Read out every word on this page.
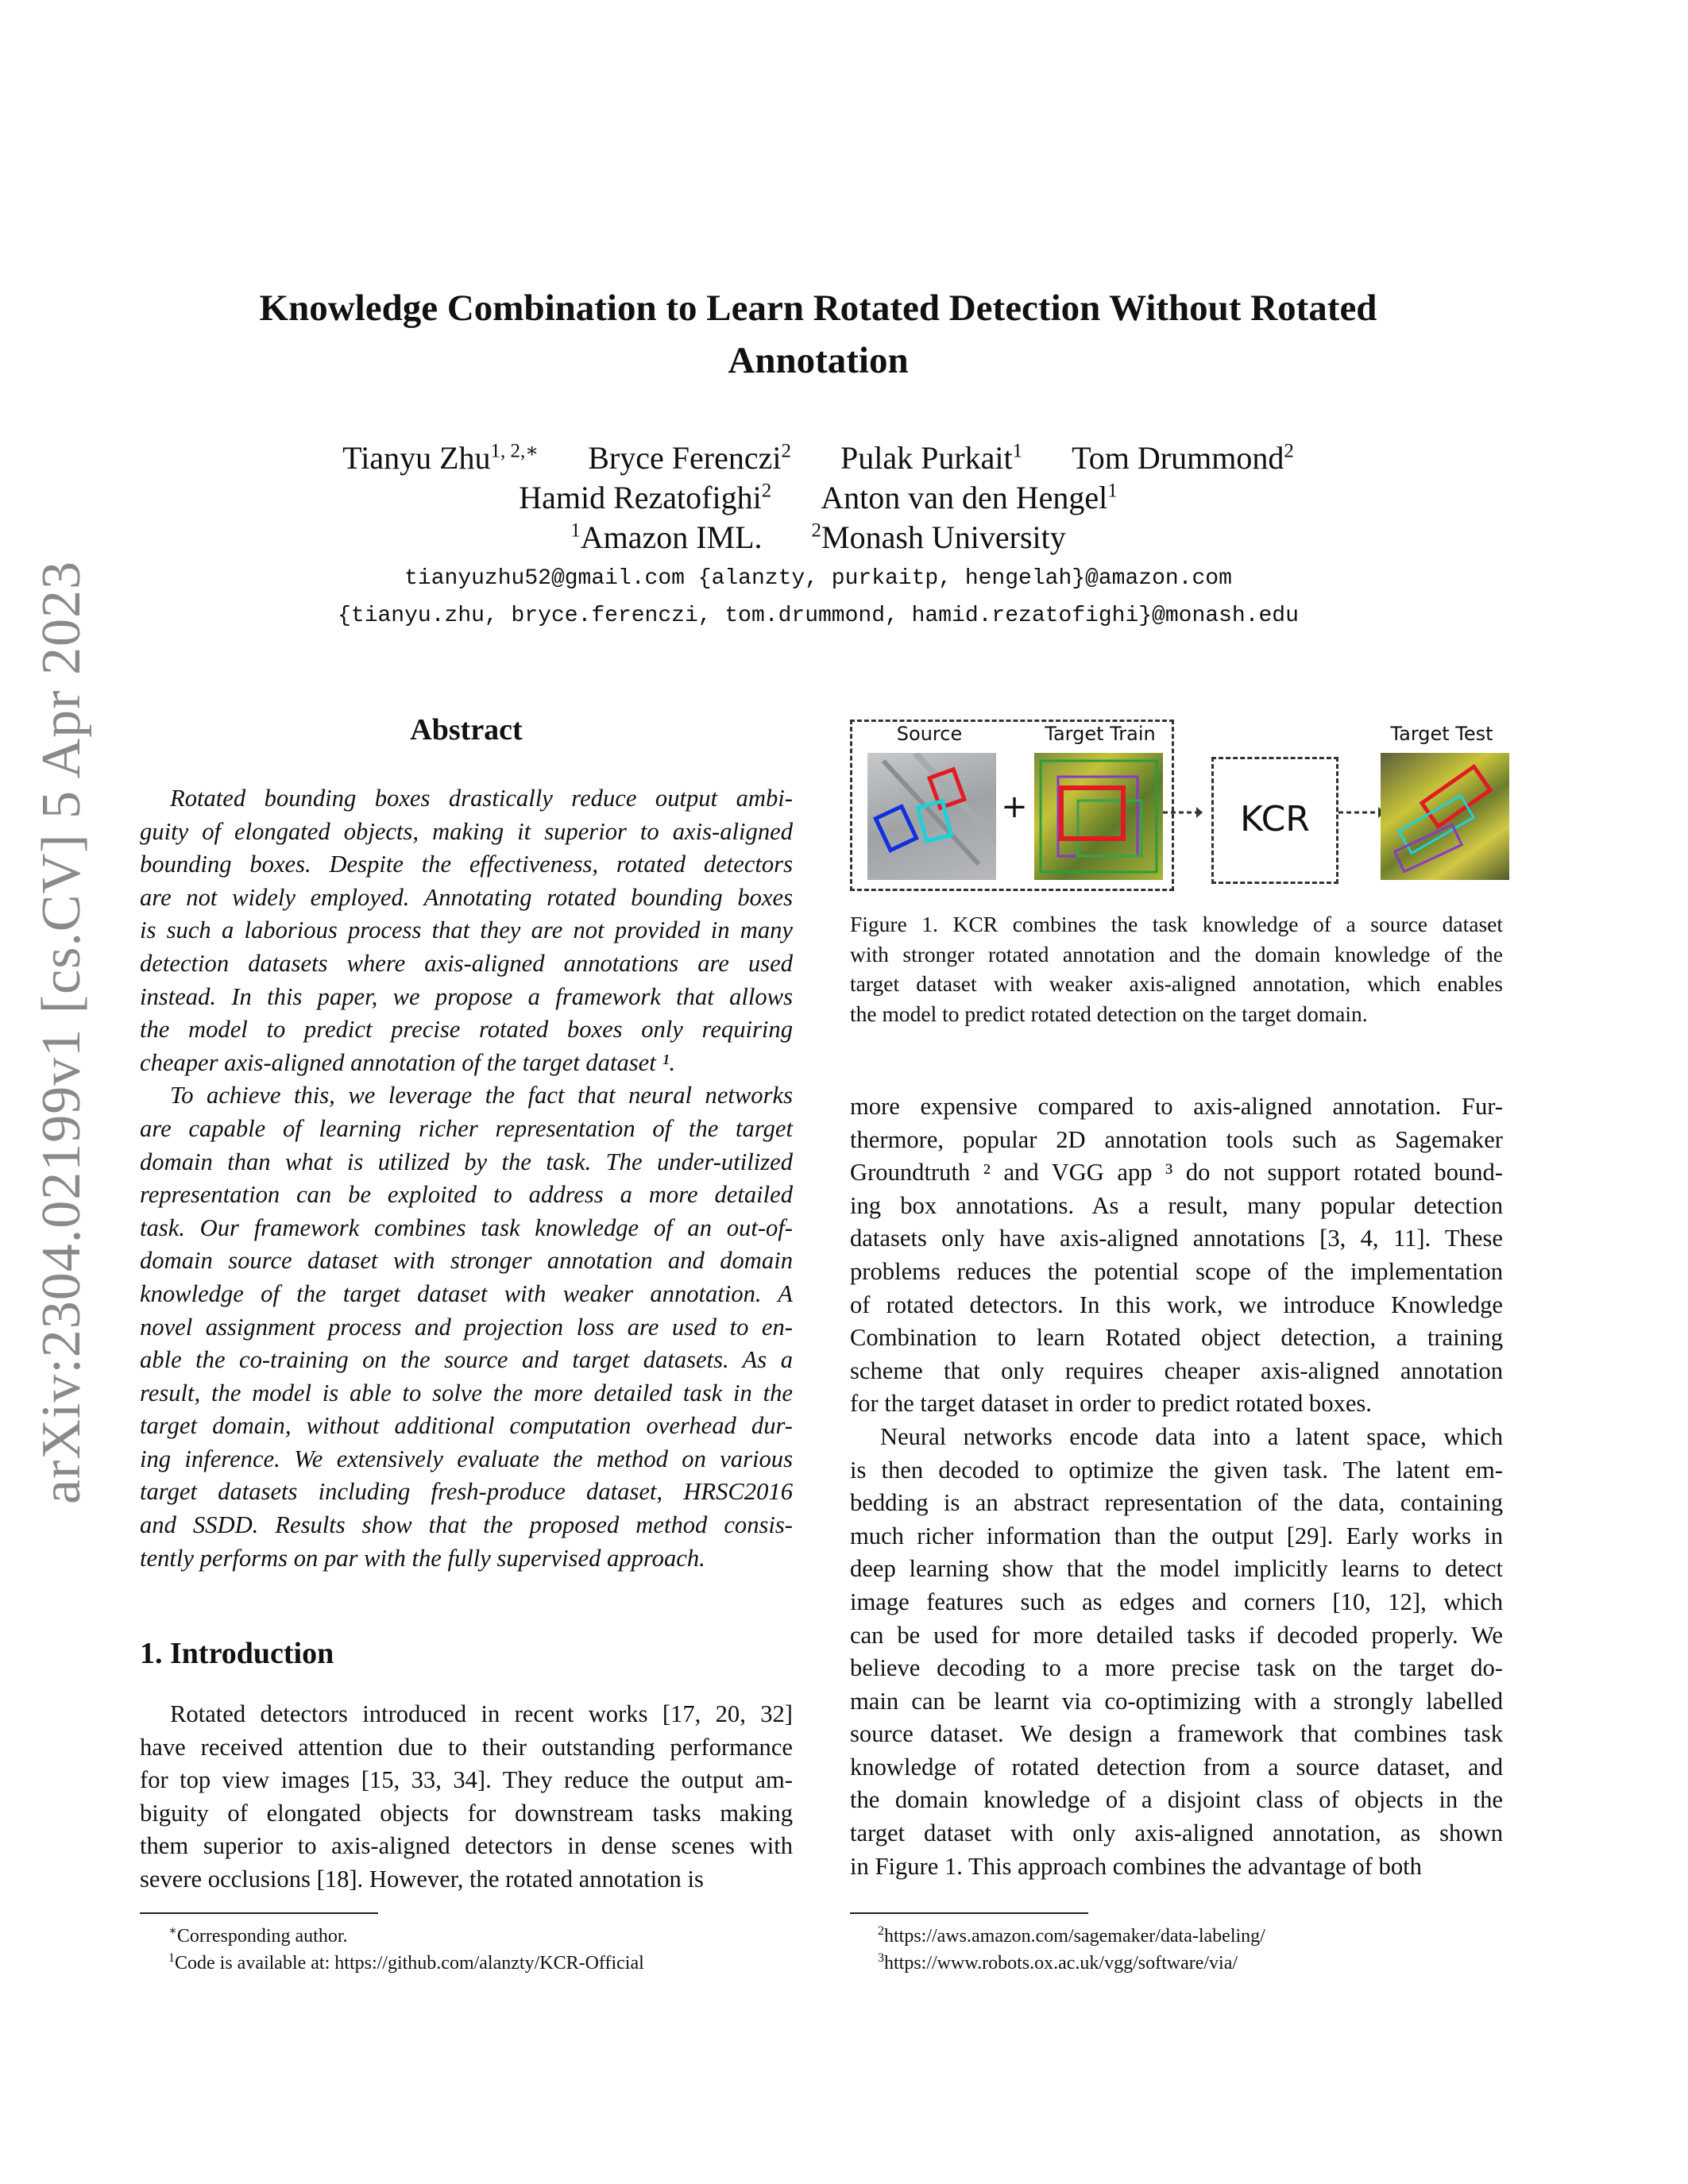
arXiv:2304.02199v1 [cs.CV] 5 Apr 2023
Knowledge Combination to Learn Rotated Detection Without Rotated Annotation
Tianyu Zhu$^{1, 2,∗}$ Bryce Ferenczi$^2$ Pulak Purkait$^1$ Tom Drummond$^2$
Hamid Rezatofighi$^2$ Anton van den Hengel$^1$
$^1$Amazon IML. $^2$Monash University
tianyuzhu52@gmail.com {alanzty, purkaitp, hengelah}@amazon.com
{tianyu.zhu, bryce.ferenczi, tom.drummond, hamid.rezatofighi}@monash.edu
Abstract
Rotated bounding boxes drastically reduce output ambi-
guity of elongated objects, making it superior to axis-aligned
bounding boxes. Despite the effectiveness, rotated detectors
are not widely employed. Annotating rotated bounding boxes
is such a laborious process that they are not provided in many
detection datasets where axis-aligned annotations are used
instead. In this paper, we propose a framework that allows
the model to predict precise rotated boxes only requiring
cheaper axis-aligned annotation of the target dataset ¹.
To achieve this, we leverage the fact that neural networks
are capable of learning richer representation of the target
domain than what is utilized by the task. The under-utilized
representation can be exploited to address a more detailed
task. Our framework combines task knowledge of an out-of-
domain source dataset with stronger annotation and domain
knowledge of the target dataset with weaker annotation. A
novel assignment process and projection loss are used to en-
able the co-training on the source and target datasets. As a
result, the model is able to solve the more detailed task in the
target domain, without additional computation overhead dur-
ing inference. We extensively evaluate the method on various
target datasets including fresh-produce dataset, HRSC2016
and SSDD. Results show that the proposed method consis-
tently performs on par with the fully supervised approach.
1. Introduction
Rotated detectors introduced in recent works [17, 20, 32]
have received attention due to their outstanding performance
for top view images [15, 33, 34]. They reduce the output am-
biguity of elongated objects for downstream tasks making
them superior to axis-aligned detectors in dense scenes with
severe occlusions [18]. However, the rotated annotation is
∗Corresponding author.
$^1$Code is available at: https://github.com/alanzty/KCR-Official
Source	Target Train	Target Test
+	KCR
Figure 1. KCR combines the task knowledge of a source dataset
with stronger rotated annotation and the domain knowledge of the
target dataset with weaker axis-aligned annotation, which enables
the model to predict rotated detection on the target domain.
more expensive compared to axis-aligned annotation. Fur-
thermore, popular 2D annotation tools such as Sagemaker
Groundtruth ² and VGG app ³ do not support rotated bound-
ing box annotations. As a result, many popular detection
datasets only have axis-aligned annotations [3, 4, 11]. These
problems reduces the potential scope of the implementation
of rotated detectors. In this work, we introduce Knowledge
Combination to learn Rotated object detection, a training
scheme that only requires cheaper axis-aligned annotation
for the target dataset in order to predict rotated boxes.
Neural networks encode data into a latent space, which
is then decoded to optimize the given task. The latent em-
bedding is an abstract representation of the data, containing
much richer information than the output [29]. Early works in
deep learning show that the model implicitly learns to detect
image features such as edges and corners [10, 12], which
can be used for more detailed tasks if decoded properly. We
believe decoding to a more precise task on the target do-
main can be learnt via co-optimizing with a strongly labelled
source dataset. We design a framework that combines task
knowledge of rotated detection from a source dataset, and
the domain knowledge of a disjoint class of objects in the
target dataset with only axis-aligned annotation, as shown
in Figure 1. This approach combines the advantage of both
$^2$https://aws.amazon.com/sagemaker/data-labeling/
$^3$https://www.robots.ox.ac.uk/vgg/software/via/
